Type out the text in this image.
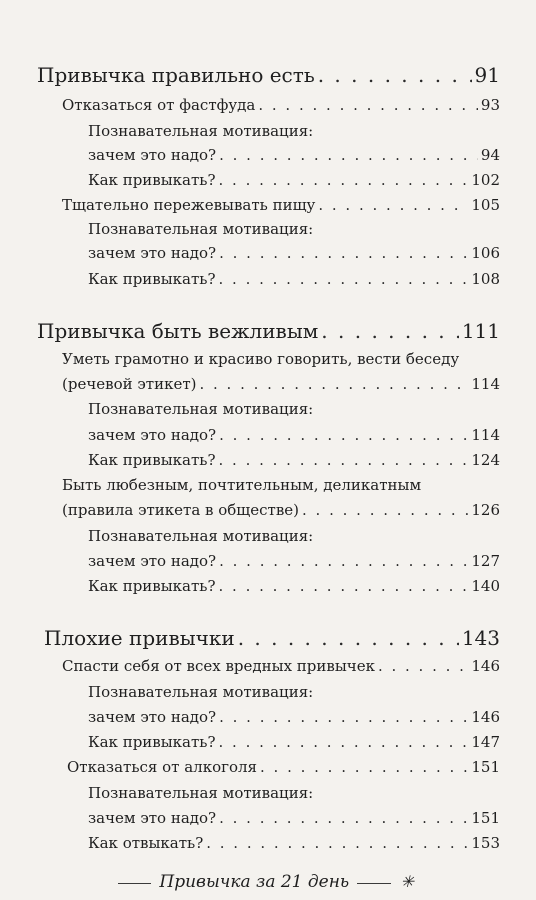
Привычка правильно есть . . .	91
Отказаться от фастфуда . . .	93
Познавательная мотивация:
зачем это надо? . . .	94
Как привыкать? . . .	102
Тщательно пережевывать пищу . . .	105
Познавательная мотивация:
зачем это надо? . . .	106
Как привыкать? . . .	108
Привычка быть вежливым . . .	111
Уметь грамотно и красиво говорить, вести беседу
(речевой этикет) . . .	114
Познавательная мотивация:
зачем это надо? . . .	114
Как привыкать? . . .	124
Быть любезным, почтительным, деликатным
(правила этикета в обществе) . . .	126
Познавательная мотивация:
зачем это надо? . . .	127
Как привыкать? . . .	140
Плохие привычки . . .	143
Спасти себя от всех вредных привычек . . .	146
Познавательная мотивация:
зачем это надо? . . .	146
Как привыкать? . . .	147
Отказаться от алкоголя . . .	151
Познавательная мотивация:
зачем это надо? . . .	151
Как отвыкать? . . .	153
Привычка за 21 день	✳
